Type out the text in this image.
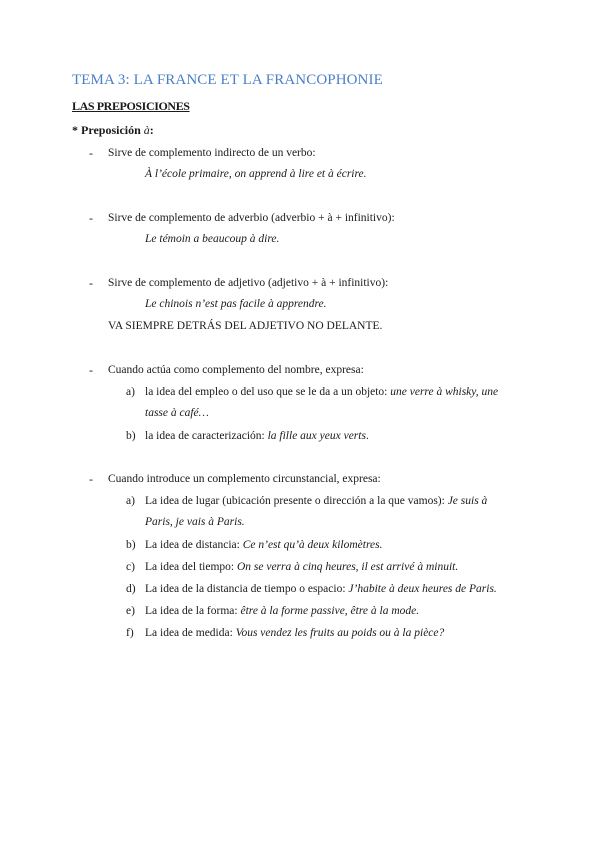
TEMA 3: LA FRANCE ET LA FRANCOPHONIE
LAS PREPOSICIONES
* Preposición à:
- Sirve de complemento indirecto de un verbo:
À l’école primaire, on apprend à lire et à écrire.
- Sirve de complemento de adverbio (adverbio + à + infinitivo):
Le témoin a beaucoup à dire.
- Sirve de complemento de adjetivo (adjetivo + à + infinitivo):
Le chinois n’est pas facile à apprendre.
VA SIEMPRE DETRÁS DEL ADJETIVO NO DELANTE.
- Cuando actúa como complemento del nombre, expresa:
a) la idea del empleo o del uso que se le da a un objeto: une verre à whisky, une
tasse à café…
b) la idea de caracterización: la fille aux yeux verts.
- Cuando introduce un complemento circunstancial, expresa:
a) La idea de lugar (ubicación presente o dirección a la que vamos): Je suis à
Paris, je vais à Paris.
b) La idea de distancia: Ce n’est qu’à deux kilomètres.
c) La idea del tiempo: On se verra à cinq heures, il est arrivé à minuit.
d) La idea de la distancia de tiempo o espacio: J’habite à deux heures de Paris.
e) La idea de la forma: être à la forme passive, être à la mode.
f) La idea de medida: Vous vendez les fruits au poids ou à la pièce?
